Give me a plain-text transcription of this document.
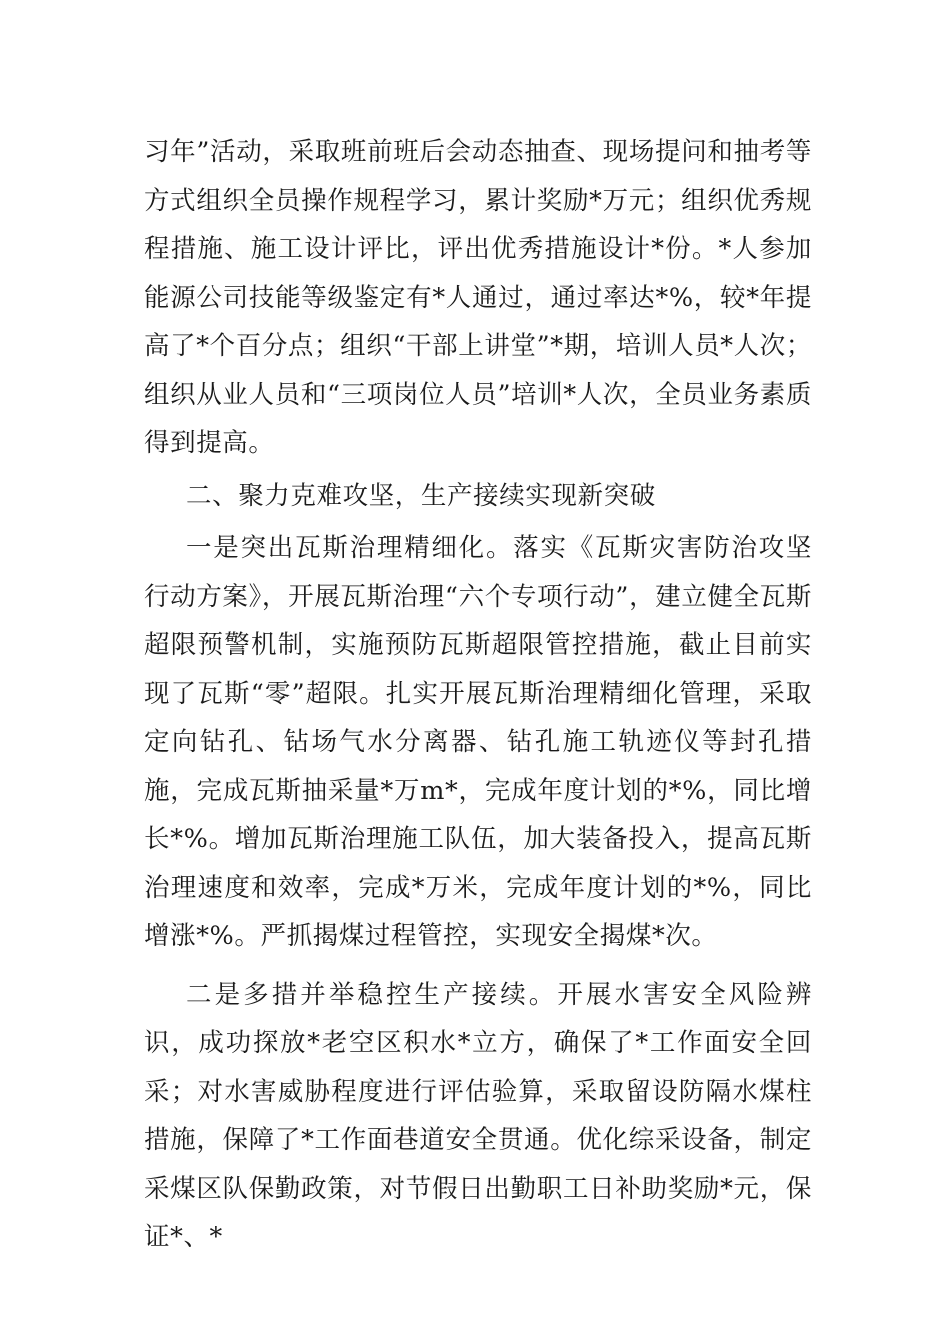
习年”活动，采取班前班后会动态抽查、现场提问和抽考等方式组织全员操作规程学习，累计奖励*万元；组织优秀规程措施、施工设计评比，评出优秀措施设计*份。*人参加能源公司技能等级鉴定有*人通过，通过率达*%，较*年提高了*个百分点；组织“干部上讲堂”*期，培训人员*人次；组织从业人员和“三项岗位人员”培训*人次，全员业务素质得到提高。

二、聚力克难攻坚，生产接续实现新突破

一是突出瓦斯治理精细化。落实《瓦斯灾害防治攻坚行动方案》，开展瓦斯治理“六个专项行动”，建立健全瓦斯超限预警机制，实施预防瓦斯超限管控措施，截止目前实现了瓦斯“零”超限。扎实开展瓦斯治理精细化管理，采取定向钻孔、钻场气水分离器、钻孔施工轨迹仪等封孔措施，完成瓦斯抽采量*万m*，完成年度计划的*%，同比增长*%。增加瓦斯治理施工队伍，加大装备投入，提高瓦斯治理速度和效率，完成*万米，完成年度计划的*%，同比增涨*%。严抓揭煤过程管控，实现安全揭煤*次。

二是多措并举稳控生产接续。开展水害安全风险辨识，成功探放*老空区积水*立方，确保了*工作面安全回采；对水害威胁程度进行评估验算，采取留设防隔水煤柱措施，保障了*工作面巷道安全贯通。优化综采设备，制定采煤区队保勤政策，对节假日出勤职工日补助奖励*元，保证*、*
